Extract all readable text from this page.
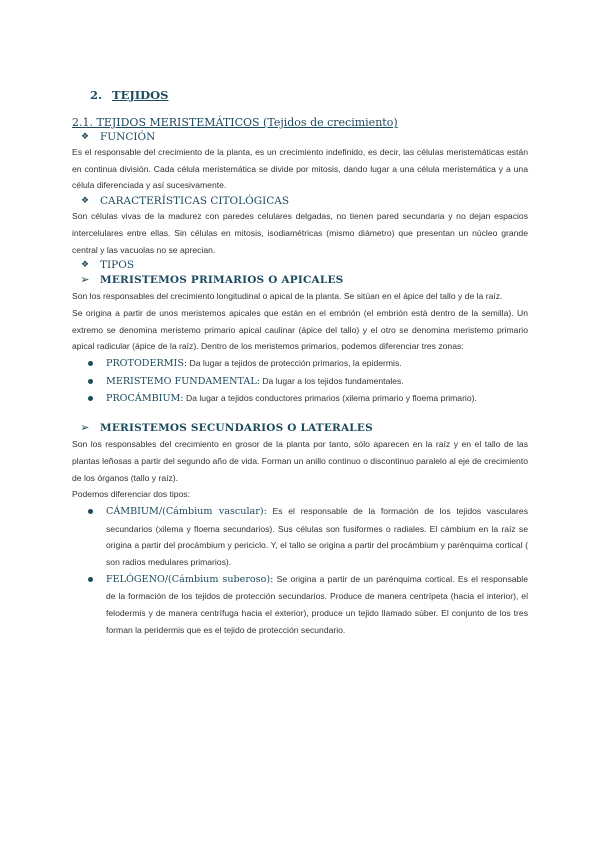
2. TEJIDOS
2.1. TEJIDOS MERISTEMÁTICOS (Tejidos de crecimiento)
❖ FUNCIÓN

Es el responsable del crecimiento de la planta, es un crecimiento indefinido, es decir, las células meristemáticas están en continua división. Cada célula meristemática se divide por mitosis, dando lugar a una célula meristemática y a una célula diferenciada y así sucesivamente.

❖ CARACTERÍSTICAS CITOLÓGICAS

Son células vivas de la madurez con paredes celulares delgadas, no tienen pared secundaria y no dejan espacios intercelulares entre ellas. Sin células en mitosis, isodiamétricas (mismo diámetro) que presentan un núcleo grande central y las vacuolas no se aprecian.

❖ TIPOS
➢ MERISTEMOS PRIMARIOS O APICALES

Son los responsables del crecimiento longitudinal o apical de la planta. Se sitúan en el ápice del tallo y de la raíz.

Se origina a partir de unos meristemos apicales que están en el embrión (el embrión está dentro de la semilla). Un extremo se denomina meristemo primario apical caulinar (ápice del tallo) y el otro se denomina meristemo primario apical radicular (ápice de la raíz). Dentro de los meristemos primarios, podemos diferenciar tres zonas:

PROTODERMIS: Da lugar a tejidos de protección primarios, la epidermis.
MERISTEMO FUNDAMENTAL: Da lugar a los tejidos fundamentales.
PROCÁMBIUM: Da lugar a tejidos conductores primarios (xilema primario y floema primario).
➢ MERISTEMOS SECUNDARIOS O LATERALES

Son los responsables del crecimiento en grosor de la planta por tanto, sólo aparecen en la raíz y en el tallo de las plantas leñosas a partir del segundo año de vida. Forman un anillo continuo o discontinuo paralelo al eje de crecimiento de los órganos (tallo y raíz).

Podemos diferenciar dos tipos:

CÁMBIUM/(Cámbium vascular): Es el responsable de la formación de los tejidos vasculares secundarios (xilema y floema secundarios). Sus células son fusiformes o radiales. El cámbium en la raíz se origina a partir del procámbium y periciclo. Y, el tallo se origina a partir del procámbium y parénquima cortical ( son radios medulares primarios).
FELÓGENO/(Cámbium suberoso): Se origina a partir de un parénquima cortical. Es el responsable de la formación de los tejidos de protección secundarios. Produce de manera centrípeta (hacia el interior), el felodermis y de manera centrífuga hacia el exterior), produce un tejido llamado súber. El conjunto de los tres forman la peridermis que es el tejido de protección secundario.
